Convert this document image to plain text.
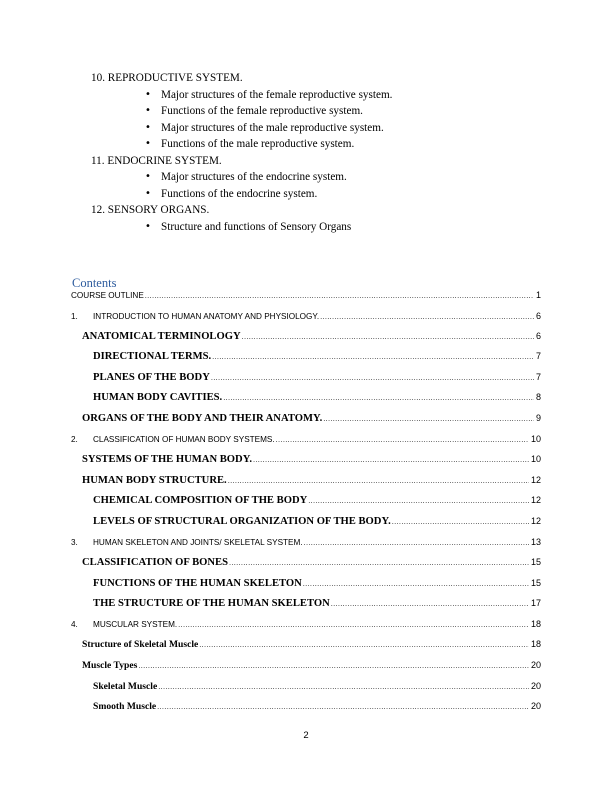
10. REPRODUCTIVE SYSTEM.
• Major structures of the female reproductive system.
• Functions of the female reproductive system.
• Major structures of the male reproductive system.
• Functions of the male reproductive system.
11. ENDOCRINE SYSTEM.
• Major structures of the endocrine system.
• Functions of the endocrine system.
12. SENSORY ORGANS.
• Structure and functions of Sensory Organs
Contents
COURSE OUTLINE .....	1
1. INTRODUCTION TO HUMAN ANATOMY AND PHYSIOLOGY. .....	6
ANATOMICAL TERMINOLOGY .....	6
DIRECTIONAL TERMS. .....	7
PLANES OF THE BODY .....	7
HUMAN BODY CAVITIES. .....	8
ORGANS OF THE BODY AND THEIR ANATOMY. .....	9
2. CLASSIFICATION OF HUMAN BODY SYSTEMS. .....	10
SYSTEMS OF THE HUMAN BODY. .....	10
HUMAN BODY STRUCTURE. .....	12
CHEMICAL COMPOSITION OF THE BODY .....	12
LEVELS OF STRUCTURAL ORGANIZATION OF THE BODY. .....	12
3. HUMAN SKELETON AND JOINTS/ SKELETAL SYSTEM. .....	13
CLASSIFICATION OF BONES .....	15
FUNCTIONS OF THE HUMAN SKELETON .....	15
THE STRUCTURE OF THE HUMAN SKELETON .....	17
4. MUSCULAR SYSTEM. .....	18
Structure of Skeletal Muscle .....	18
Muscle Types .....	20
Skeletal Muscle .....	20
Smooth Muscle .....	20
2
